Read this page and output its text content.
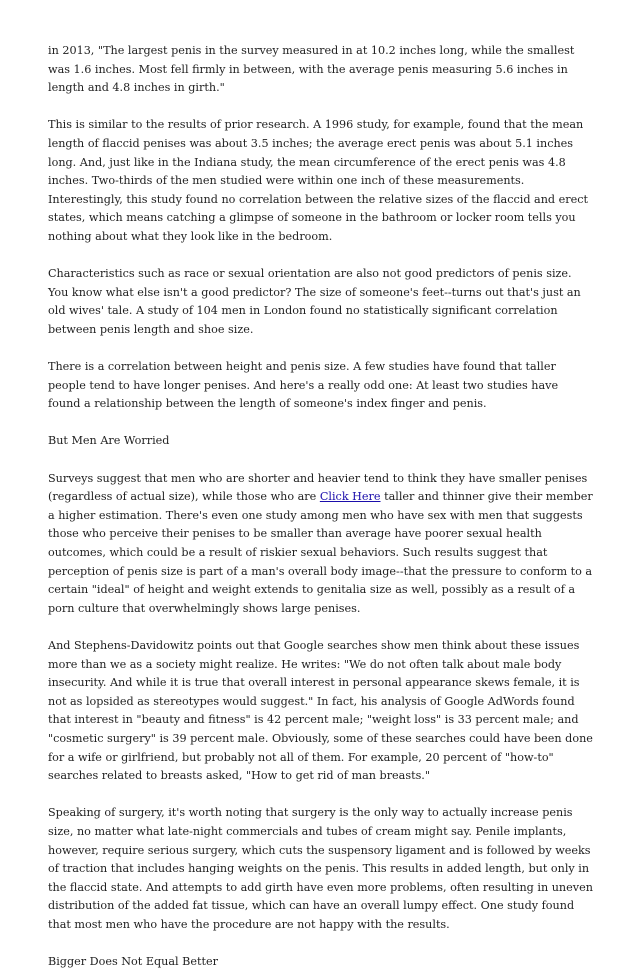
in 2013, "The largest penis in the survey measured in at 10.2 inches long, while the smallest was 1.6 inches. Most fell firmly in between, with the average penis measuring 5.6 inches in length and 4.8 inches in girth."

This is similar to the results of prior research. A 1996 study, for example, found that the mean length of flaccid penises was about 3.5 inches; the average erect penis was about 5.1 inches long. And, just like in the Indiana study, the mean circumference of the erect penis was 4.8 inches. Two-thirds of the men studied were within one inch of these measurements. Interestingly, this study found no correlation between the relative sizes of the flaccid and erect states, which means catching a glimpse of someone in the bathroom or locker room tells you nothing about what they look like in the bedroom.

Characteristics such as race or sexual orientation are also not good predictors of penis size. You know what else isn't a good predictor? The size of someone's feet--turns out that's just an old wives' tale. A study of 104 men in London found no statistically significant correlation between penis length and shoe size.

There is a correlation between height and penis size. A few studies have found that taller people tend to have longer penises. And here's a really odd one: At least two studies have found a relationship between the length of someone's index finger and penis.

But Men Are Worried

Surveys suggest that men who are shorter and heavier tend to think they have smaller penises (regardless of actual size), while those who are Click Here taller and thinner give their member a higher estimation. There's even one study among men who have sex with men that suggests those who perceive their penises to be smaller than average have poorer sexual health outcomes, which could be a result of riskier sexual behaviors. Such results suggest that perception of penis size is part of a man's overall body image--that the pressure to conform to a certain "ideal" of height and weight extends to genitalia size as well, possibly as a result of a porn culture that overwhelmingly shows large penises.

And Stephens-Davidowitz points out that Google searches show men think about these issues more than we as a society might realize. He writes: "We do not often talk about male body insecurity. And while it is true that overall interest in personal appearance skews female, it is not as lopsided as stereotypes would suggest." In fact, his analysis of Google AdWords found that interest in "beauty and fitness" is 42 percent male; "weight loss" is 33 percent male; and "cosmetic surgery" is 39 percent male. Obviously, some of these searches could have been done for a wife or girlfriend, but probably not all of them. For example, 20 percent of "how-to" searches related to breasts asked, "How to get rid of man breasts."

Speaking of surgery, it's worth noting that surgery is the only way to actually increase penis size, no matter what late-night commercials and tubes of cream might say. Penile implants, however, require serious surgery, which cuts the suspensory ligament and is followed by weeks of traction that includes hanging weights on the penis. This results in added length, but only in the flaccid state. And attempts to add girth have even more problems, often resulting in uneven distribution of the added fat tissue, which can have an overall lumpy effect. One study found that most men who have the procedure are not happy with the results.

Bigger Does Not Equal Better
